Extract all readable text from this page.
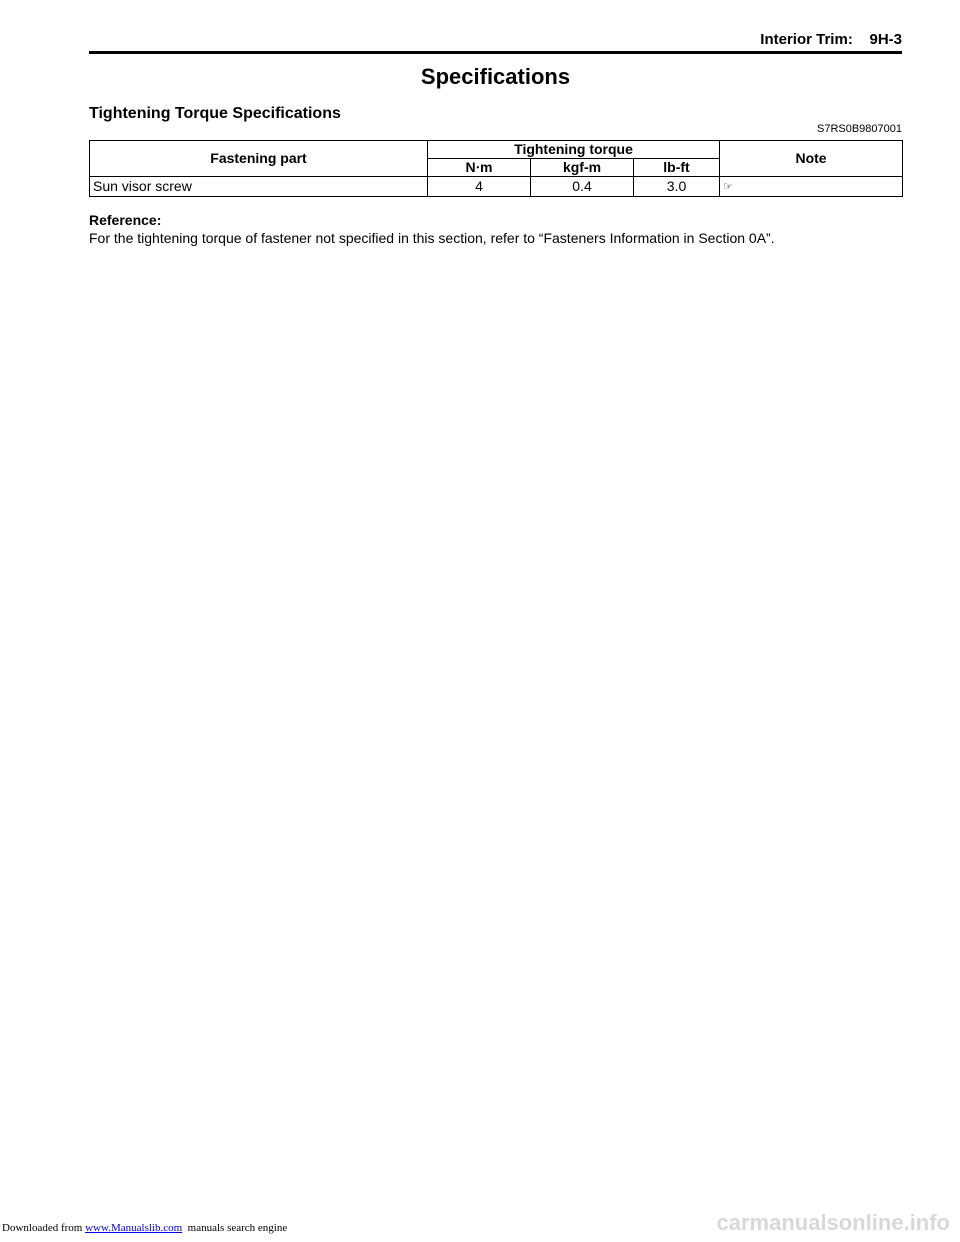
Interior Trim:    9H-3
Specifications
Tightening Torque Specifications
S7RS0B9807001
Fastening part	Tightening torque			Note
	N⋅m	kgf-m	lb-ft	
Sun visor screw	4	0.4	3.0	☞
Reference:
For the tightening torque of fastener not specified in this section, refer to “Fasteners Information in Section 0A”.
Downloaded from www.Manualslib.com  manuals search engine	carmanualsonline.info
